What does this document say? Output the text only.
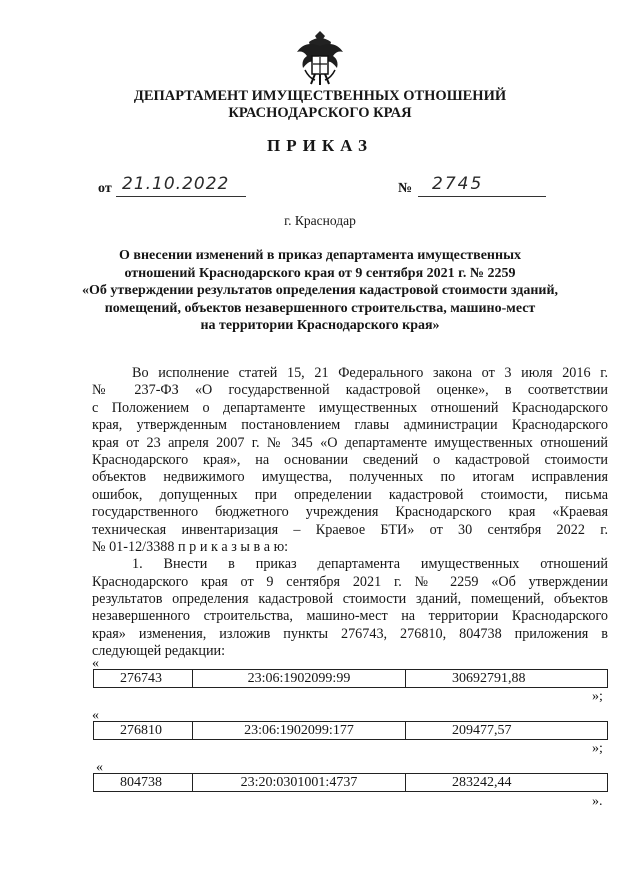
ДЕПАРТАМЕНТ ИМУЩЕСТВЕННЫХ ОТНОШЕНИЙ
КРАСНОДАРСКОГО КРАЯ
ПРИКАЗ
от 21.10.2022	№ 2745
г. Краснодар
О внесении изменений в приказ департамента имущественных
отношений Краснодарского края от 9 сентября 2021 г. № 2259
«Об утверждении результатов определения кадастровой стоимости зданий,
помещений, объектов незавершенного строительства, машино-мест
на территории Краснодарского края»
Во исполнение статей 15, 21 Федерального закона от 3 июля 2016 г.
№ 237-ФЗ «О государственной кадастровой оценке», в соответствии
с Положением о департаменте имущественных отношений Краснодарского
края, утвержденным постановлением главы администрации Краснодарского
края от 23 апреля 2007 г. № 345 «О департаменте имущественных отношений
Краснодарского края», на основании сведений о кадастровой стоимости
объектов недвижимого имущества, полученных по итогам исправления
ошибок, допущенных при определении кадастровой стоимости, письма
государственного бюджетного учреждения Краснодарского края «Краевая
техническая инвентаризация – Краевое БТИ» от 30 сентября 2022 г.
№ 01-12/3388 п р и к а з ы в а ю:
1. Внести в приказ департамента имущественных отношений
Краснодарского края от 9 сентября 2021 г. № 2259 «Об утверждении
результатов определения кадастровой стоимости зданий, помещений, объектов
незавершенного строительства, машино-мест на территории Краснодарского
края» изменения, изложив пункты 276743, 276810, 804738 приложения в
следующей редакции:
«
276743	23:06:1902099:99	30692791,88
»;
«
276810	23:06:1902099:177	209477,57
»;
«
804738	23:20:0301001:4737	283242,44
».
